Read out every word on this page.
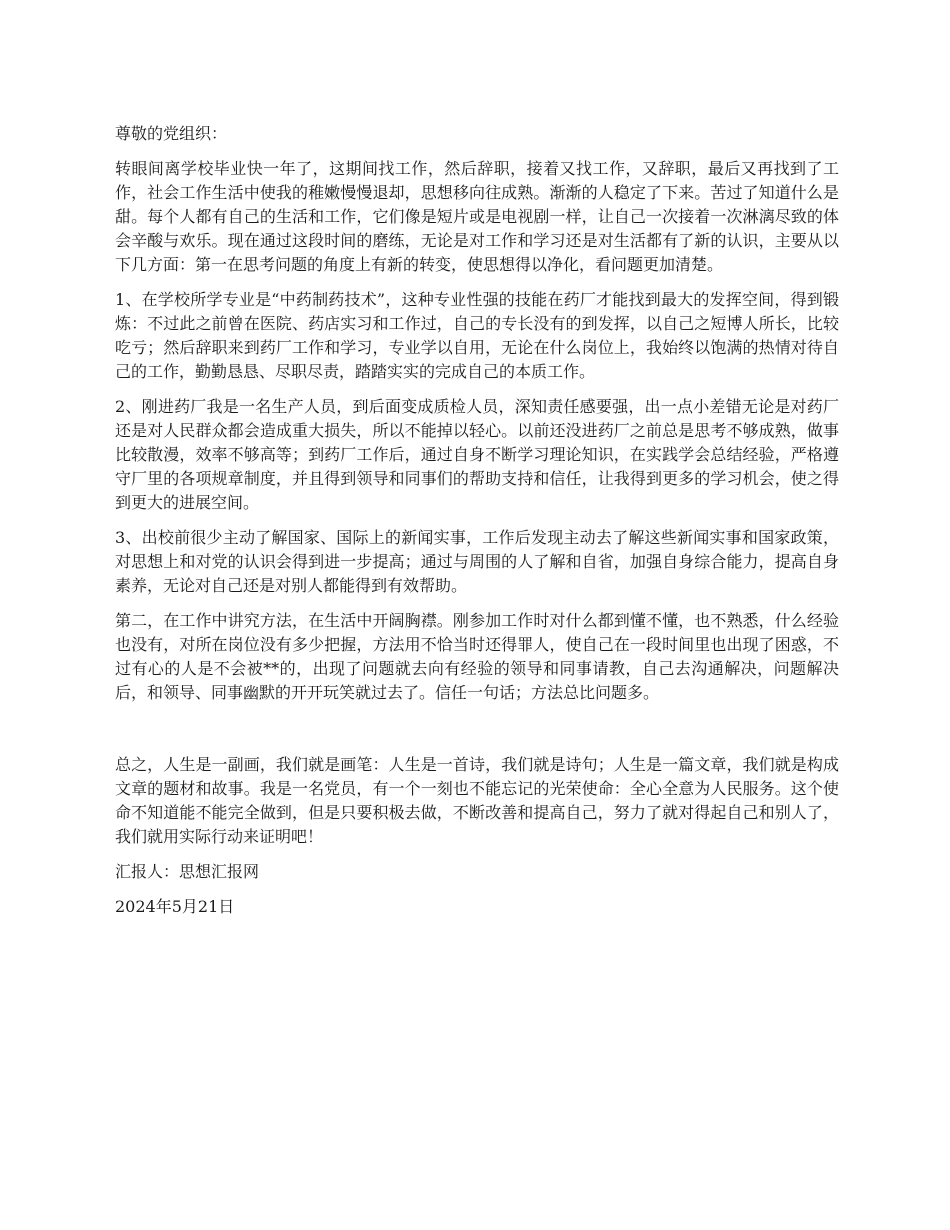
尊敬的党组织：

转眼间离学校毕业快一年了，这期间找工作，然后辞职，接着又找工作，又辞职，最后又再找到了工作，社会工作生活中使我的稚嫩慢慢退却，思想移向往成熟。渐渐的人稳定了下来。苦过了知道什么是甜。每个人都有自己的生活和工作，它们像是短片或是电视剧一样，让自己一次接着一次淋漓尽致的体会辛酸与欢乐。现在通过这段时间的磨练，无论是对工作和学习还是对生活都有了新的认识，主要从以下几方面：第一在思考问题的角度上有新的转变，使思想得以净化，看问题更加清楚。

1、在学校所学专业是“中药制药技术”，这种专业性强的技能在药厂才能找到最大的发挥空间，得到锻炼：不过此之前曾在医院、药店实习和工作过，自己的专长没有的到发挥，以自己之短博人所长，比较吃亏；然后辞职来到药厂工作和学习，专业学以自用，无论在什么岗位上，我始终以饱满的热情对待自己的工作，勤勤恳恳、尽职尽责，踏踏实实的完成自己的本质工作。

2、刚进药厂我是一名生产人员，到后面变成质检人员，深知责任感要强，出一点小差错无论是对药厂还是对人民群众都会造成重大损失，所以不能掉以轻心。以前还没进药厂之前总是思考不够成熟，做事比较散漫，效率不够高等；到药厂工作后，通过自身不断学习理论知识，在实践学会总结经验，严格遵守厂里的各项规章制度，并且得到领导和同事们的帮助支持和信任，让我得到更多的学习机会，使之得到更大的进展空间。

3、出校前很少主动了解国家、国际上的新闻实事，工作后发现主动去了解这些新闻实事和国家政策，对思想上和对党的认识会得到进一步提高；通过与周围的人了解和自省，加强自身综合能力，提高自身素养，无论对自己还是对别人都能得到有效帮助。

第二，在工作中讲究方法，在生活中开阔胸襟。刚参加工作时对什么都到懂不懂，也不熟悉，什么经验也没有，对所在岗位没有多少把握，方法用不恰当时还得罪人，使自己在一段时间里也出现了困惑，不过有心的人是不会被**的，出现了问题就去向有经验的领导和同事请教，自己去沟通解决，问题解决后，和领导、同事幽默的开开玩笑就过去了。信任一句话；方法总比问题多。

总之，人生是一副画，我们就是画笔：人生是一首诗，我们就是诗句；人生是一篇文章，我们就是构成文章的题材和故事。我是一名党员，有一个一刻也不能忘记的光荣使命：全心全意为人民服务。这个使命不知道能不能完全做到，但是只要积极去做，不断改善和提高自己，努力了就对得起自己和别人了，我们就用实际行动来证明吧！

汇报人：思想汇报网

2024年5月21日
